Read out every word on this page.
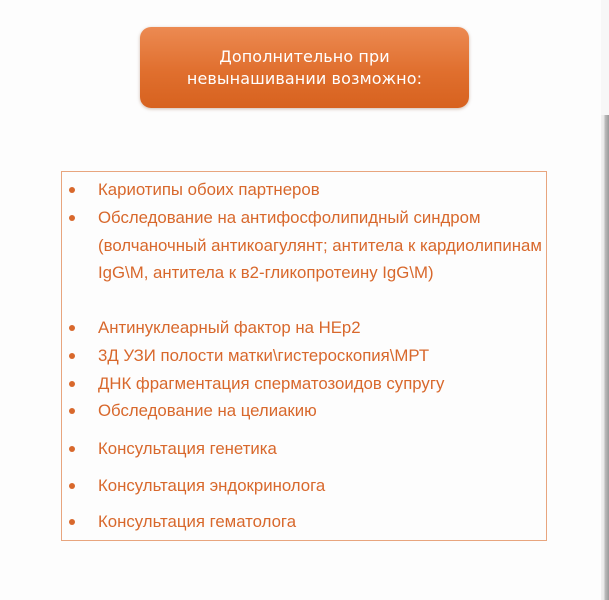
Дополнительно при невынашивании возможно:
Кариотипы обоих партнеров
Обследование на антифосфолипидный синдром (волчаночный антикоагулянт; антитела к кардиолипинам IgG\M, антитела к в2-гликопротеину IgG\M)
Антинуклеарный фактор на НЕр2
3Д УЗИ полости матки\гистероскопия\МРТ
ДНК фрагментация сперматозоидов супругу
Обследование на целиакию
Консультация генетика
Консультация эндокринолога
Консультация гематолога
